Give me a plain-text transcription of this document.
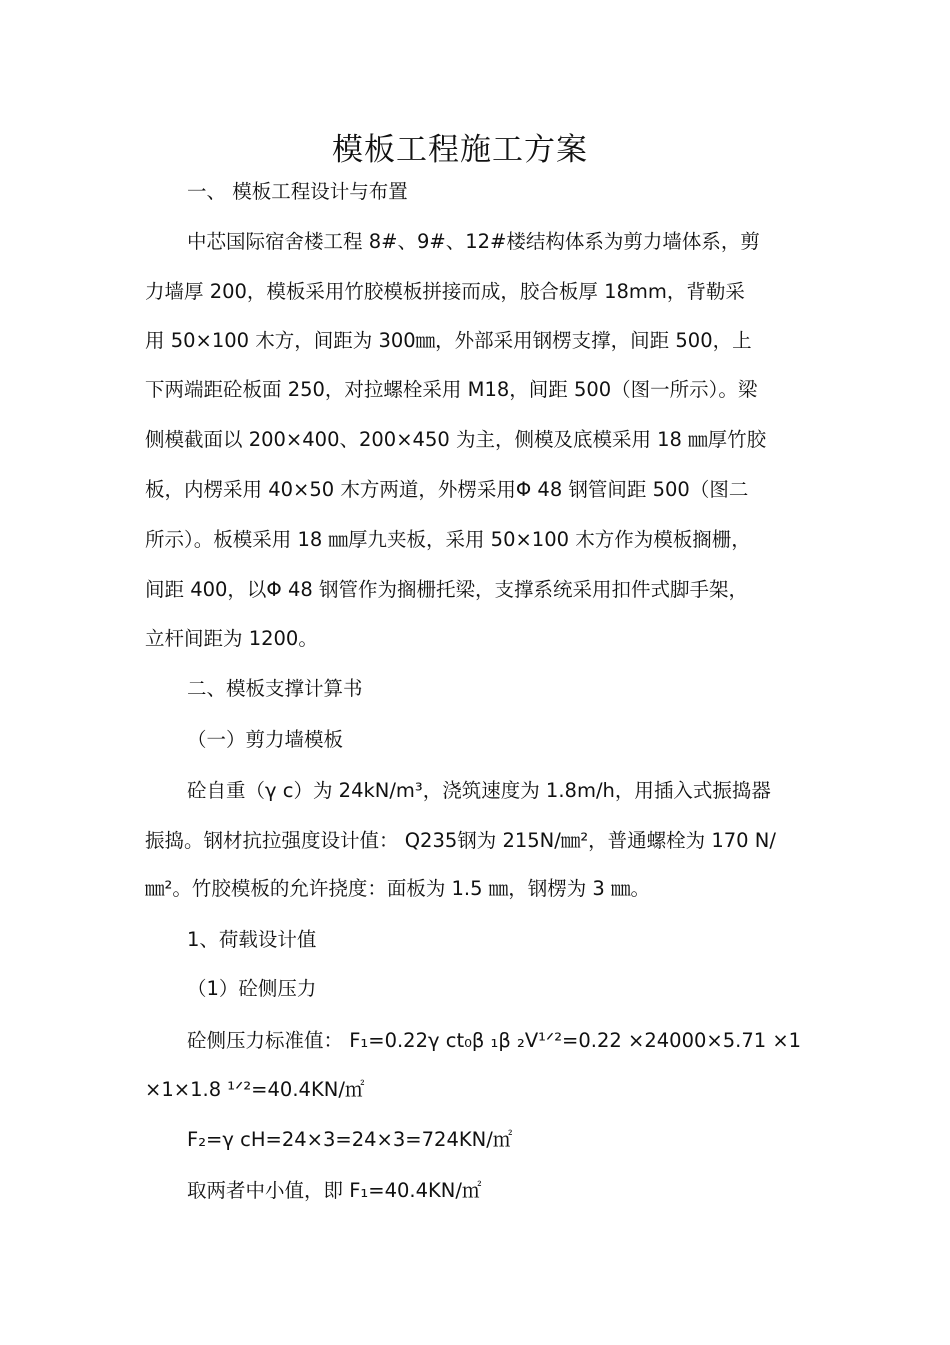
模板工程施工方案

一、 模板工程设计与布置

中芯国际宿舍楼工程 8#、9#、12#楼结构体系为剪力墙体系，剪

力墙厚 200，模板采用竹胶模板拼接而成，胶合板厚 18mm，背勒采

用 50×100 木方，间距为 300㎜，外部采用钢楞支撑，间距 500，上

下两端距砼板面 250，对拉螺栓采用 M18，间距 500（图一所示）。梁

侧模截面以 200×400、200×450 为主，侧模及底模采用 18 ㎜厚竹胶

板，内楞采用 40×50 木方两道，外楞采用Φ 48 钢管间距 500（图二

所示）。板模采用 18 ㎜厚九夹板，采用 50×100 木方作为模板搁栅，

间距 400，以Φ 48 钢管作为搁栅托梁，支撑系统采用扣件式脚手架，

立杆间距为 1200。

二、模板支撑计算书

（一）剪力墙模板

砼自重（γ c）为 24kN/m³，浇筑速度为 1.8m/h，用插入式振捣器

振捣。钢材抗拉强度设计值： Q235钢为 215N/㎜²，普通螺栓为 170 N/

㎜²。竹胶模板的允许挠度：面板为 1.5 ㎜，钢楞为 3 ㎜。

1、荷载设计值

（1）砼侧压力

砼侧压力标准值： F₁=0.22γ ct₀β ₁β ₂V¹ᐟ²=0.22 ×24000×5.71 ×1

×1×1.8 ¹ᐟ²=40.4KN/㎡

F₂=γ cH=24×3=24×3=724KN/㎡

取两者中小值，即 F₁=40.4KN/㎡
